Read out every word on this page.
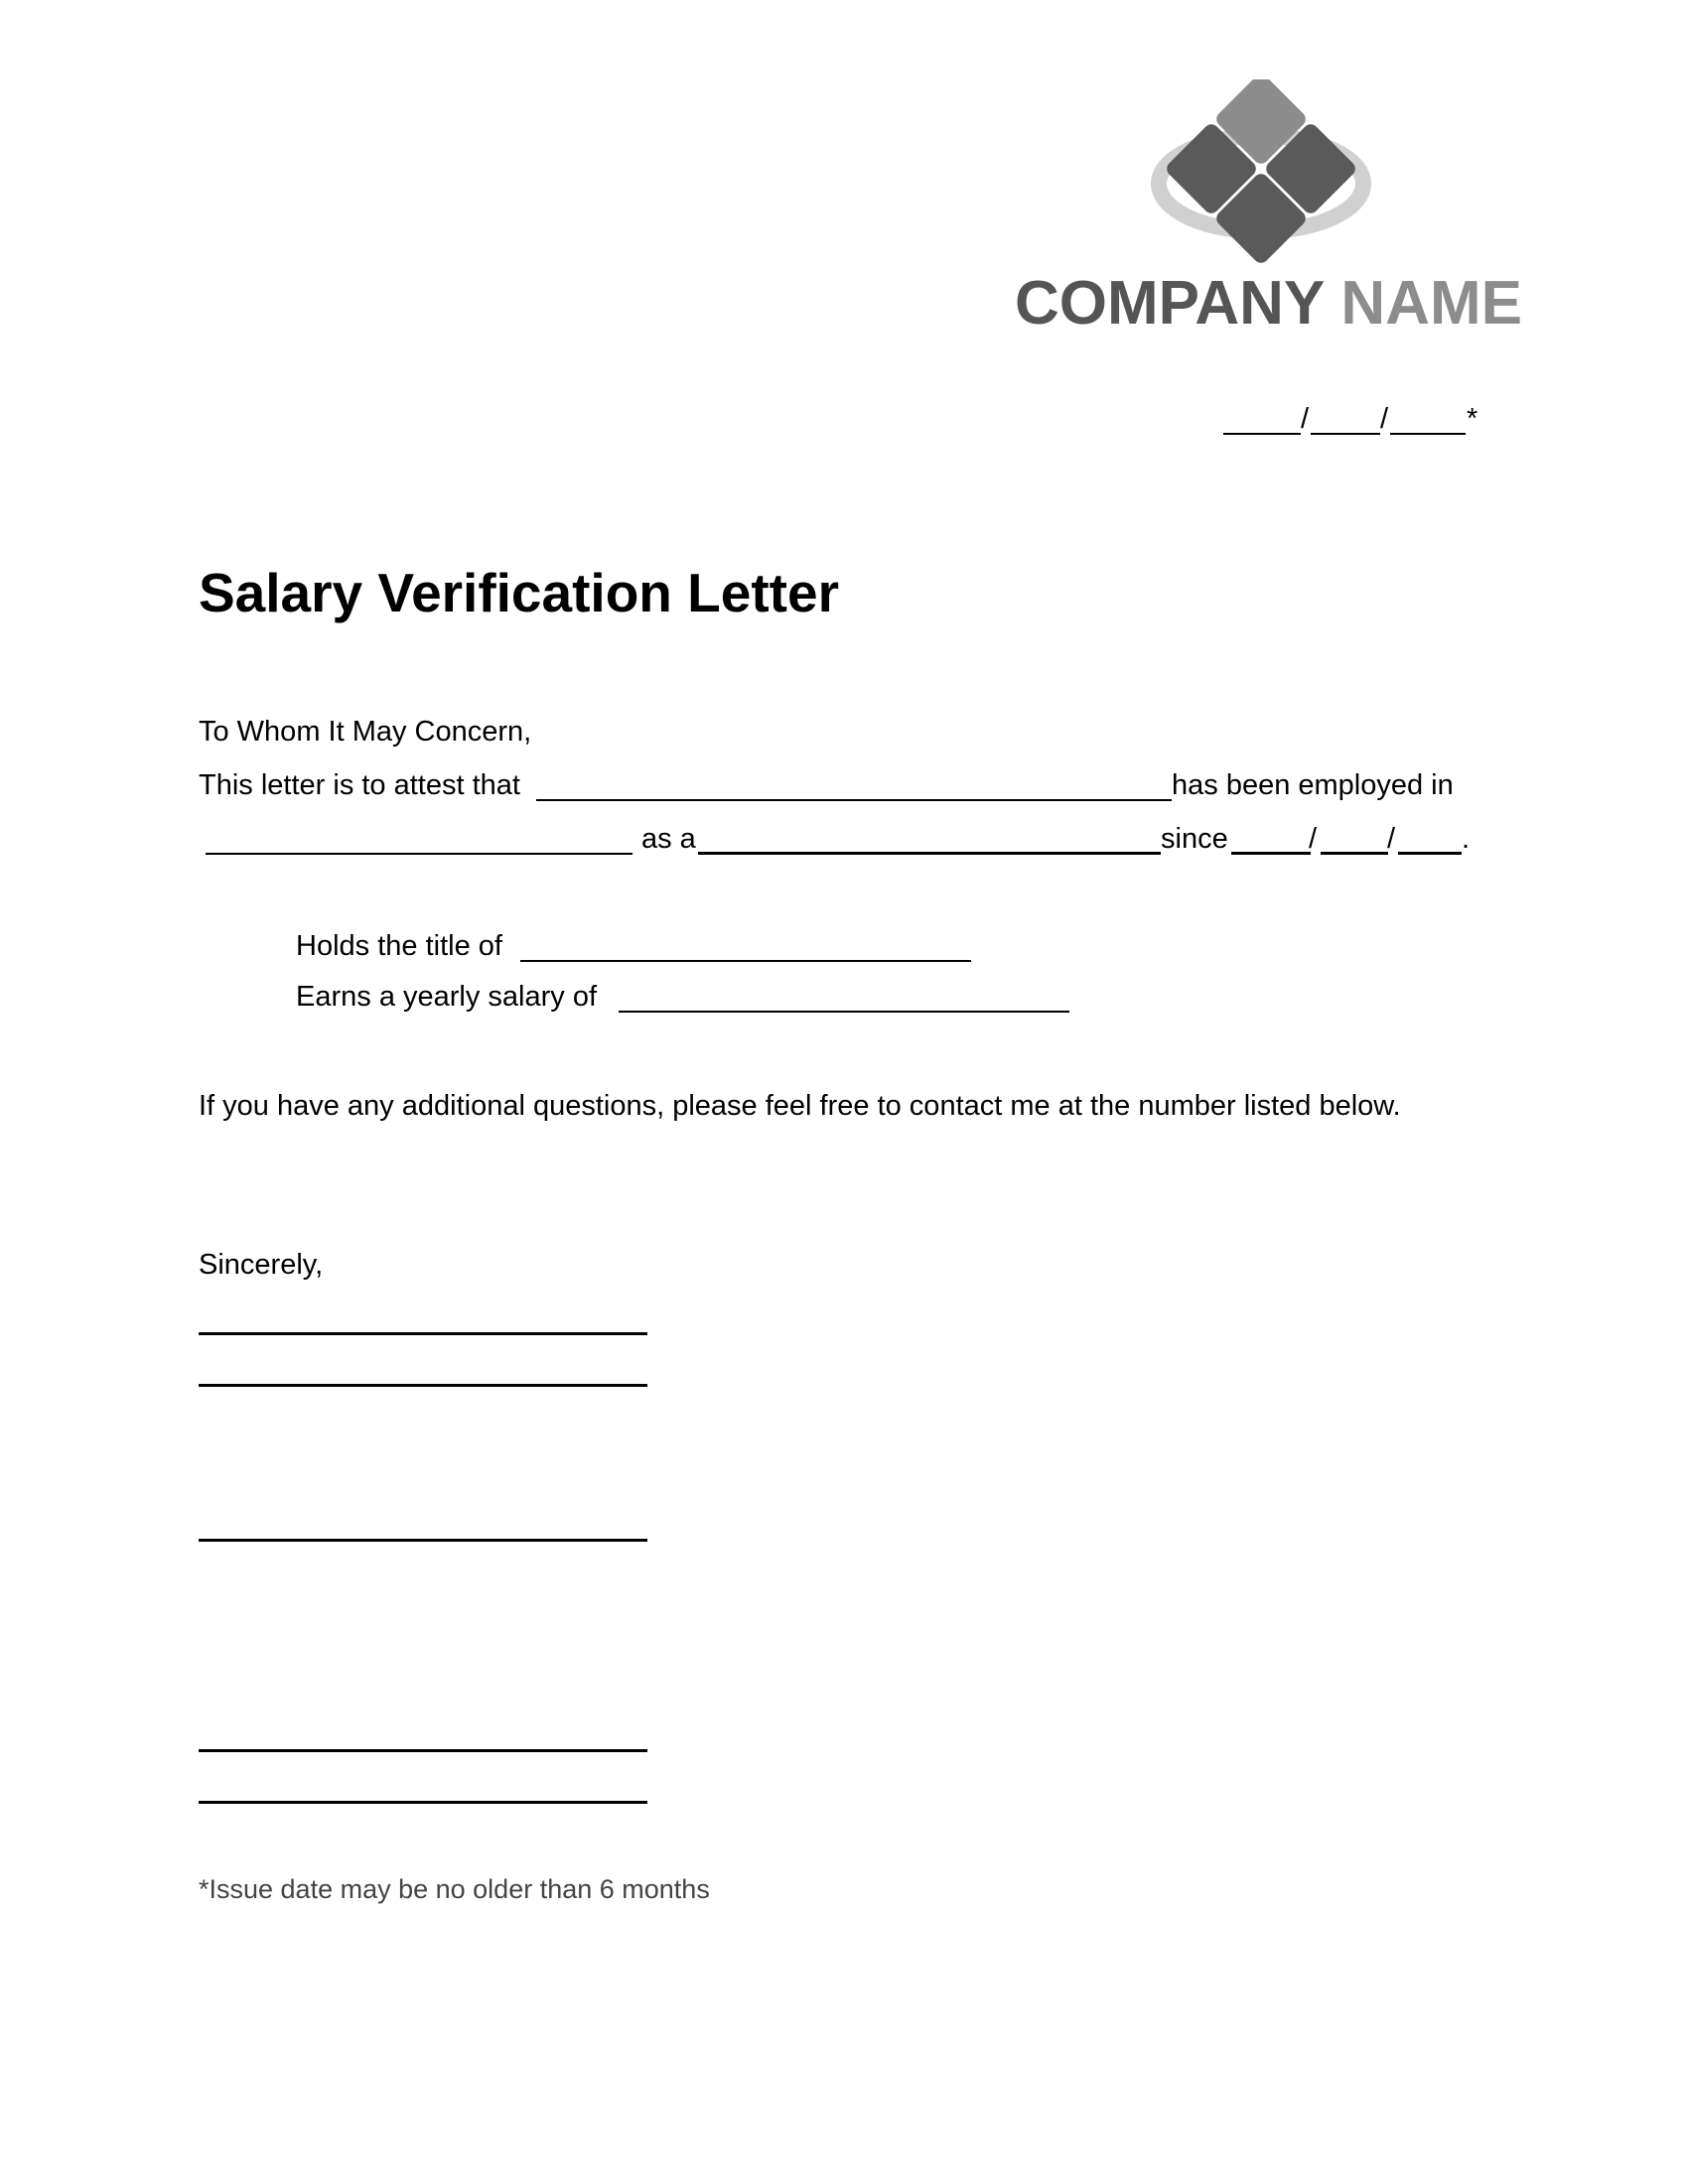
COMPANY NAME
/ /	*
Salary Verification Letter
To Whom It May Concern,
This letter is to attest that	has been employed in
as a	since	/ / .
Holds the title of
Earns a yearly salary of
If you have any additional questions, please feel free to contact me at the number listed below.
Sincerely,
*Issue date may be no older than 6 months
